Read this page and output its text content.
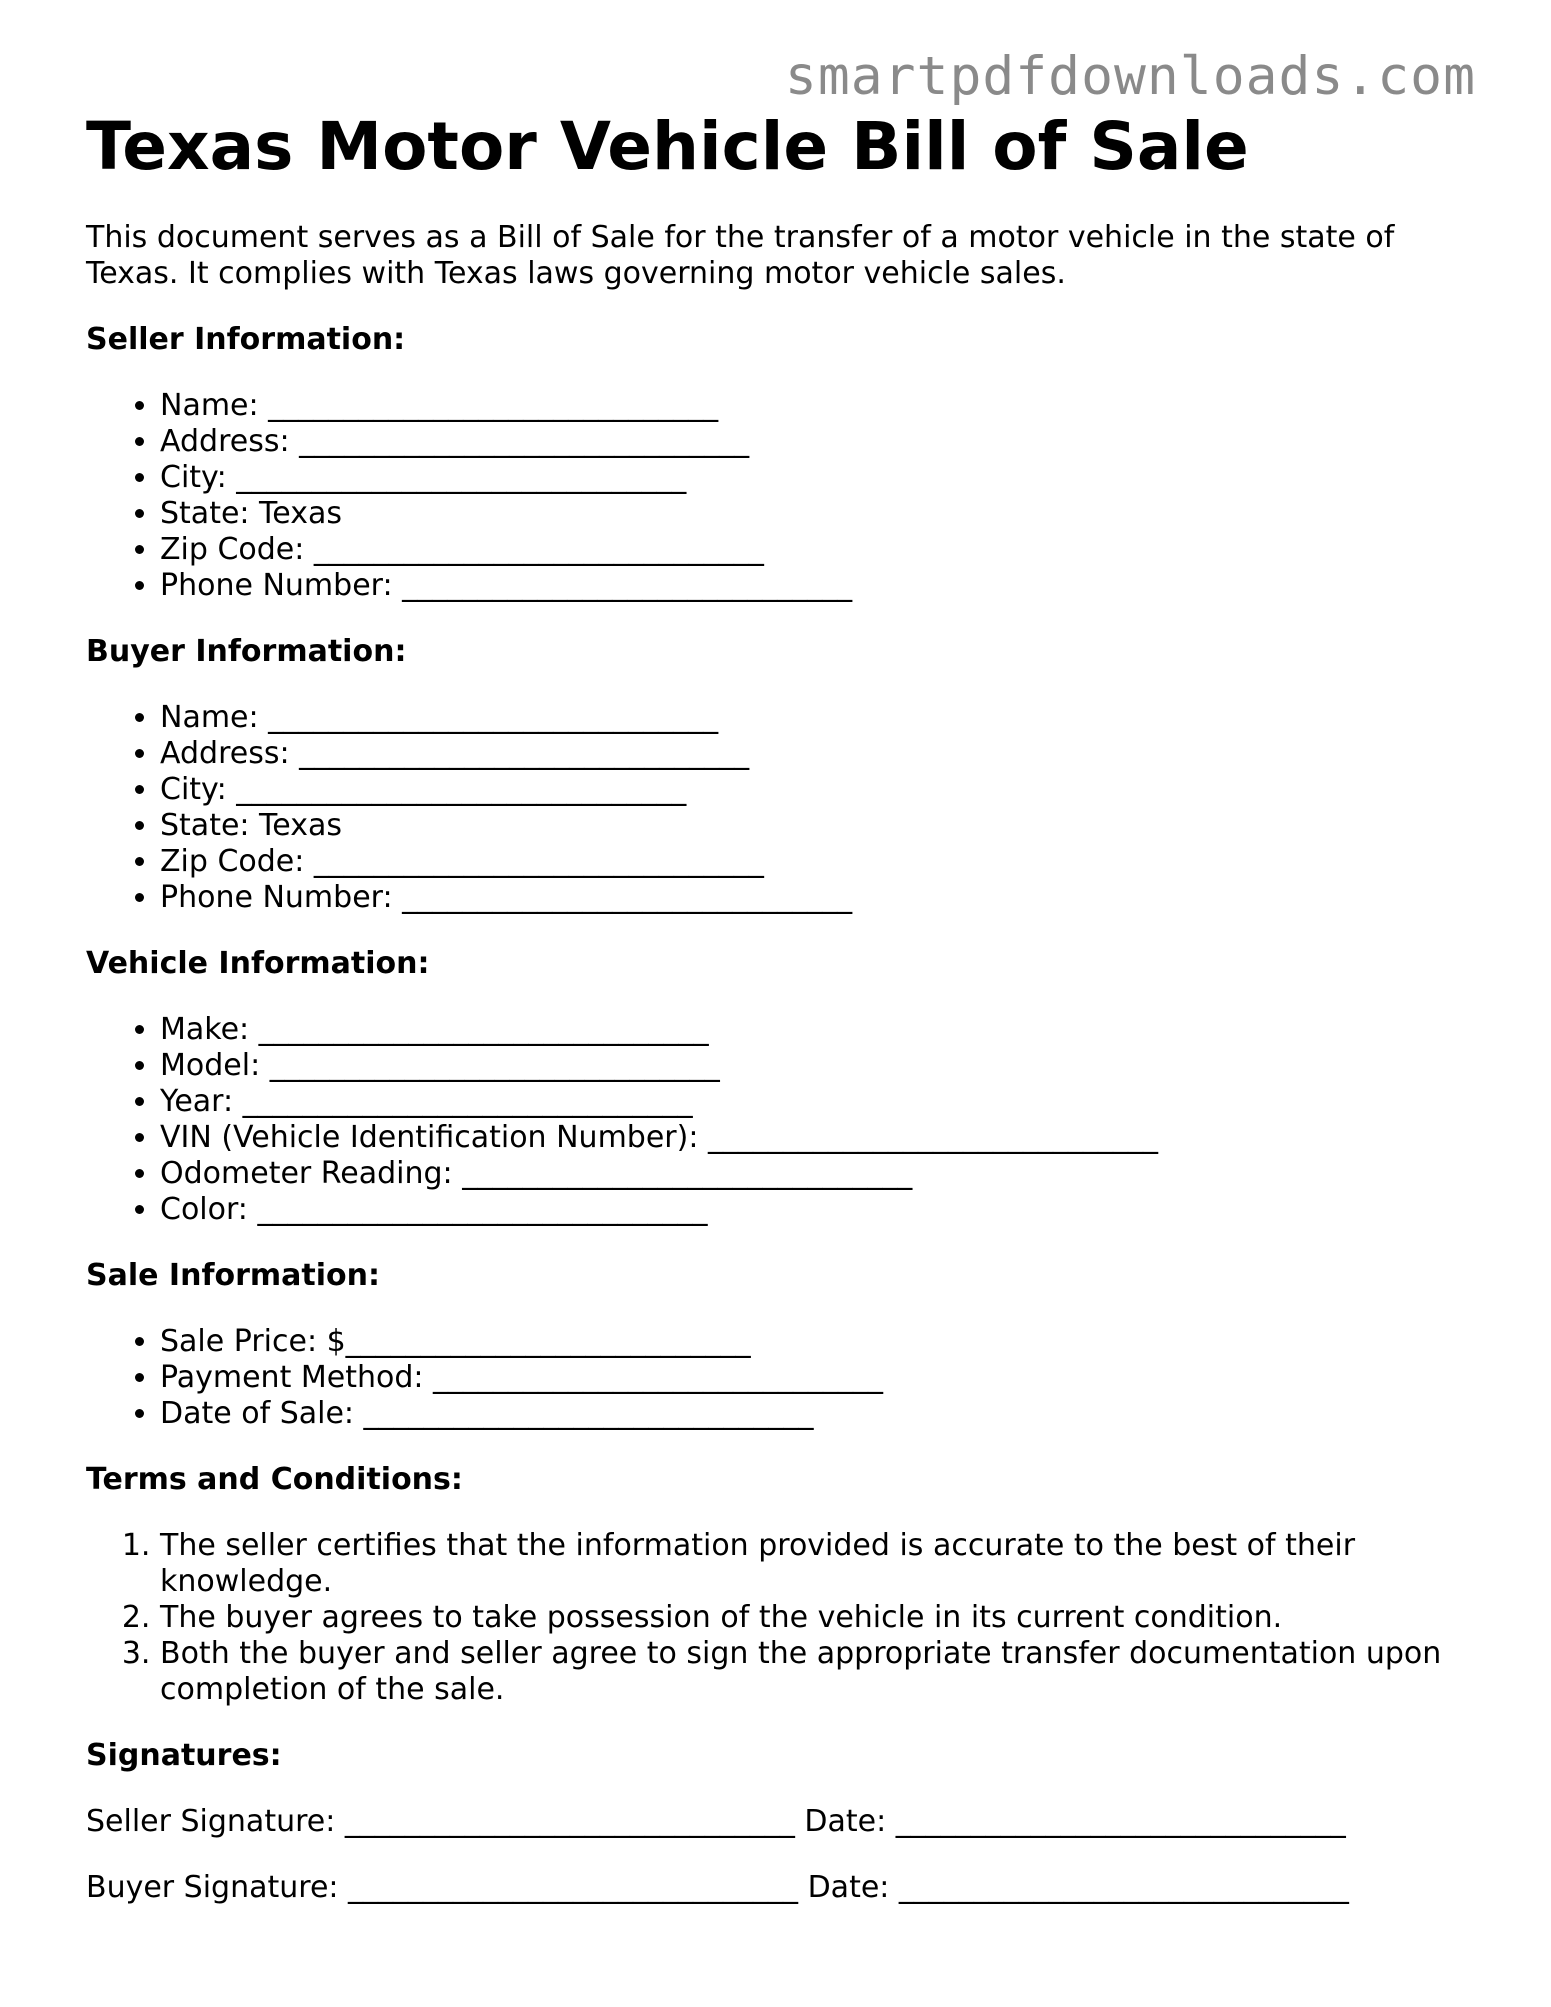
smartpdfdownloads.com
Texas Motor Vehicle Bill of Sale

This document serves as a Bill of Sale for the transfer of a motor vehicle in the state of Texas. It complies with Texas laws governing motor vehicle sales.

Seller Information:
• Name: ______________________________
• Address: ______________________________
• City: ______________________________
• State: Texas
• Zip Code: ______________________________
• Phone Number: ______________________________
Buyer Information:
• Name: ______________________________
• Address: ______________________________
• City: ______________________________
• State: Texas
• Zip Code: ______________________________
• Phone Number: ______________________________
Vehicle Information:
• Make: ______________________________
• Model: ______________________________
• Year: ______________________________
• VIN (Vehicle Identification Number): ______________________________
• Odometer Reading: ______________________________
• Color: ______________________________
Sale Information:
• Sale Price: $___________________________
• Payment Method: ______________________________
• Date of Sale: ______________________________
Terms and Conditions:
1. The seller certifies that the information provided is accurate to the best of their knowledge.
2. The buyer agrees to take possession of the vehicle in its current condition.
3. Both the buyer and seller agree to sign the appropriate transfer documentation upon completion of the sale.
Signatures:
Seller Signature: ______________________________ Date: ______________________________
Buyer Signature: ______________________________ Date: ______________________________
